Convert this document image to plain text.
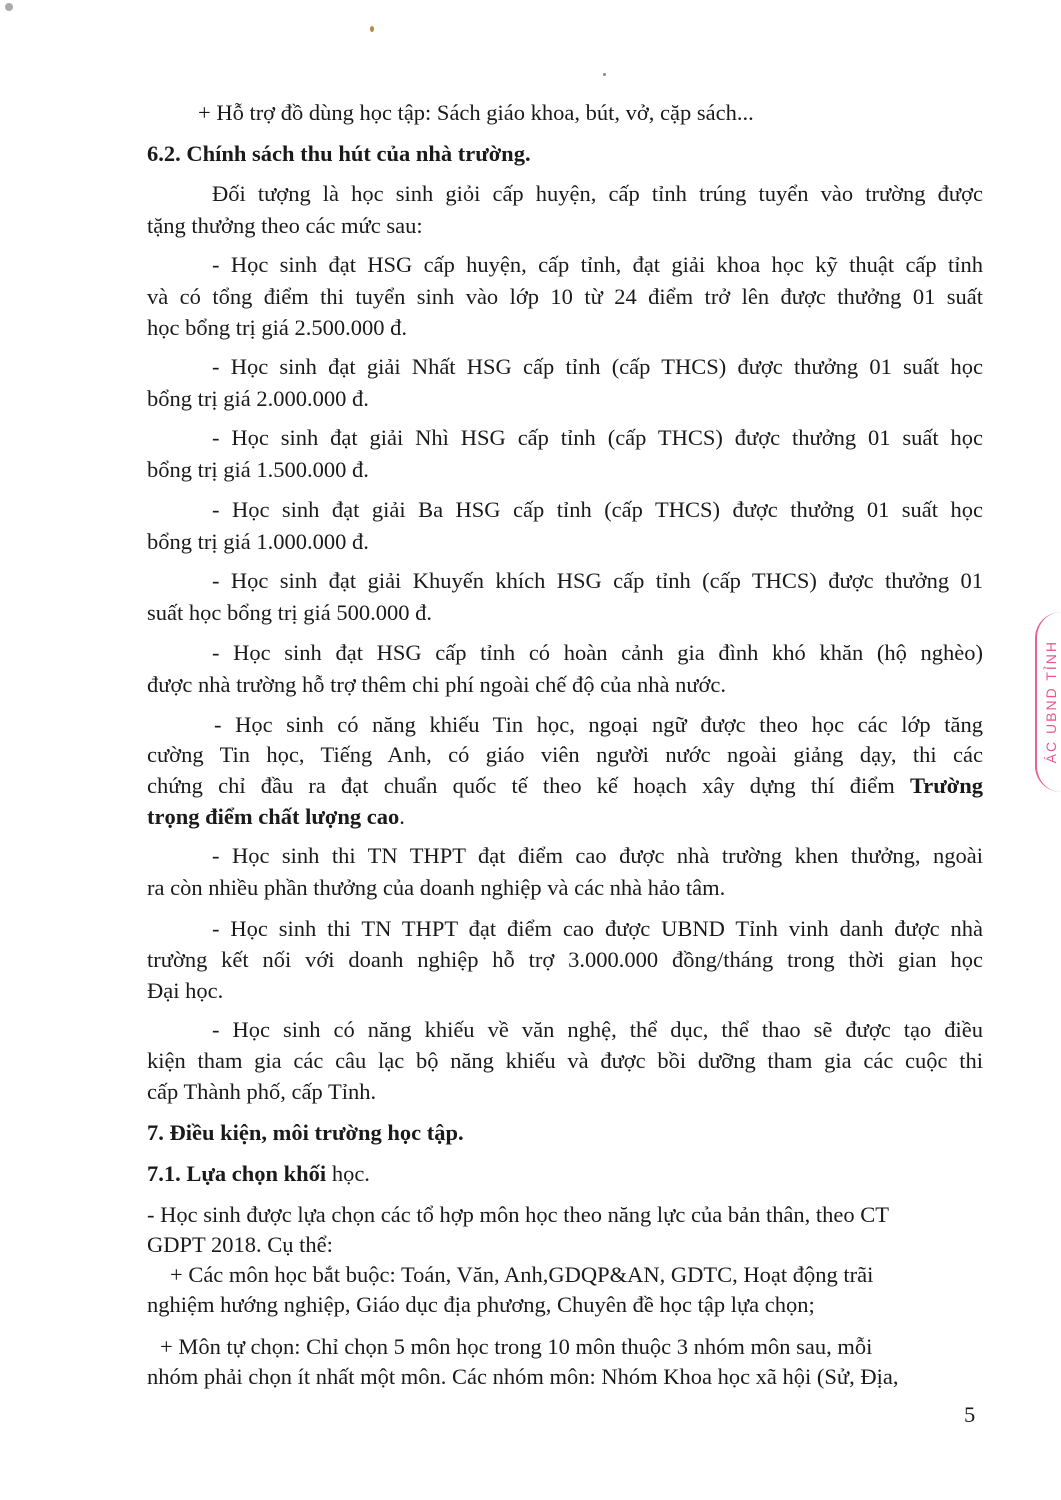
+ Hỗ trợ đồ dùng học tập: Sách giáo khoa, bút, vở, cặp sách...
6.2. Chính sách thu hút của nhà trường.
Đối tượng là học sinh giỏi cấp huyện, cấp tỉnh trúng tuyển vào trường được
tặng thưởng theo các mức sau:
- Học sinh đạt HSG cấp huyện, cấp tỉnh, đạt giải khoa học kỹ thuật cấp tỉnh
và có tổng điểm thi tuyển sinh vào lớp 10 từ 24 điểm trở lên được thưởng 01 suất
học bổng trị giá 2.500.000 đ.
- Học sinh đạt giải Nhất HSG cấp tỉnh (cấp THCS) được thưởng 01 suất học
bổng trị giá 2.000.000 đ.
- Học sinh đạt giải Nhì HSG cấp tỉnh (cấp THCS) được thưởng 01 suất học
bổng trị giá 1.500.000 đ.
- Học sinh đạt giải Ba HSG cấp tỉnh (cấp THCS) được thưởng 01 suất học
bổng trị giá 1.000.000 đ.
- Học sinh đạt giải Khuyến khích HSG cấp tỉnh (cấp THCS) được thưởng 01
suất học bổng trị giá 500.000 đ.
- Học sinh đạt HSG cấp tỉnh có hoàn cảnh gia đình khó khăn (hộ nghèo)
được nhà trường hỗ trợ thêm chi phí ngoài chế độ của nhà nước.
- Học sinh có năng khiếu Tin học, ngoại ngữ được theo học các lớp tăng
cường Tin học, Tiếng Anh, có giáo viên người nước ngoài giảng dạy, thi các
chứng chỉ đầu ra đạt chuẩn quốc tế theo kế hoạch xây dựng thí điểm Trường
trọng điểm chất lượng cao.
- Học sinh thi TN THPT đạt điểm cao được nhà trường khen thưởng, ngoài
ra còn nhiều phần thưởng của doanh nghiệp và các nhà hảo tâm.
- Học sinh thi TN THPT đạt điểm cao được UBND Tỉnh vinh danh được nhà
trường kết nối với doanh nghiệp hỗ trợ 3.000.000 đồng/tháng trong thời gian học
Đại học.
- Học sinh có năng khiếu về văn nghệ, thể dục, thể thao sẽ được tạo điều
kiện tham gia các câu lạc bộ năng khiếu và được bồi dưỡng tham gia các cuộc thi
cấp Thành phố, cấp Tỉnh.
7. Điều kiện, môi trường học tập.
7.1. Lựa chọn khối học.
- Học sinh được lựa chọn các tổ hợp môn học theo năng lực của bản thân, theo CT
GDPT 2018. Cụ thể:
+ Các môn học bắt buộc: Toán, Văn, Anh,GDQP&AN, GDTC, Hoạt động trãi
nghiệm hướng nghiệp, Giáo dục địa phương, Chuyên đề học tập lựa chọn;
+ Môn tự chọn: Chỉ chọn 5 môn học trong 10 môn thuộc 3 nhóm môn sau, mỗi
nhóm phải chọn ít nhất một môn. Các nhóm môn: Nhóm Khoa học xã hội (Sử, Địa,
5
ÁC UBND TỈNH
